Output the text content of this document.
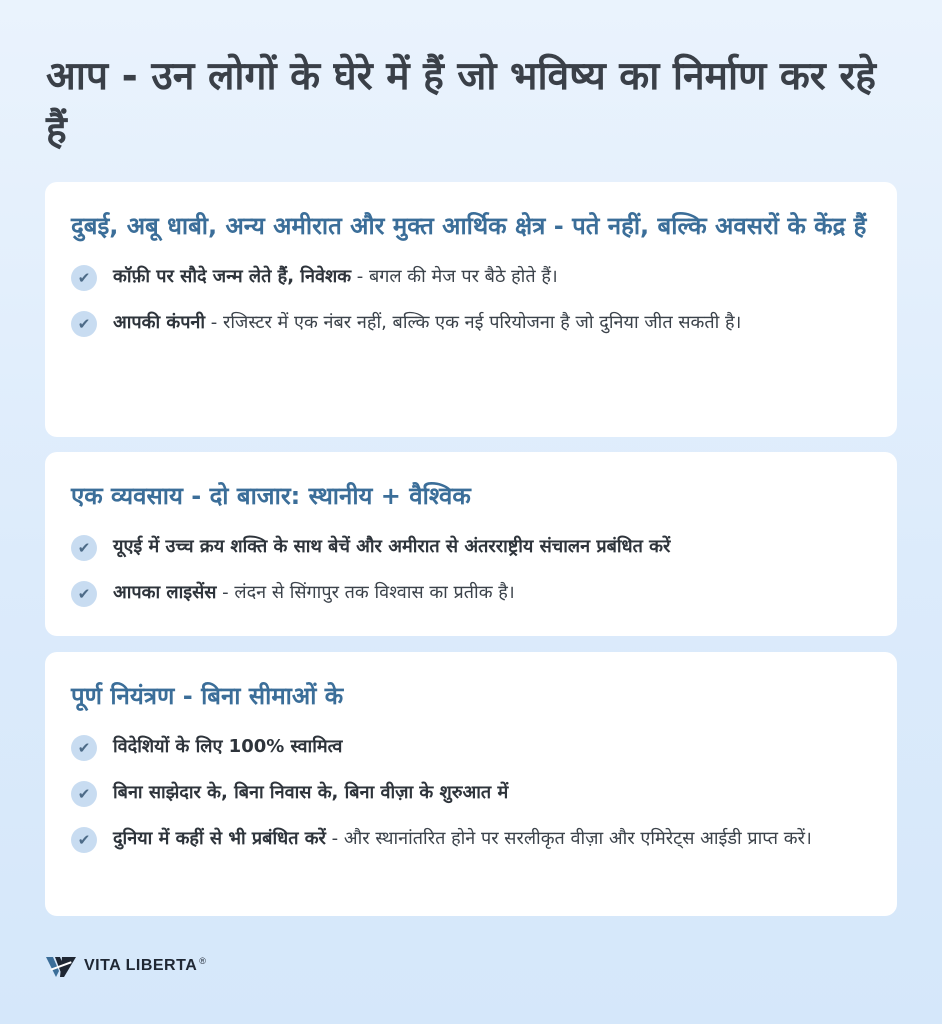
आप - उन लोगों के घेरे में हैं जो भविष्य का निर्माण कर रहे हैं
दुबई, अबू धाबी, अन्य अमीरात और मुक्त आर्थिक क्षेत्र - पते नहीं, बल्कि अवसरों के केंद्र हैं
✔	कॉफ़ी पर सौदे जन्म लेते हैं, निवेशक - बगल की मेज पर बैठे होते हैं।
✔	आपकी कंपनी - रजिस्टर में एक नंबर नहीं, बल्कि एक नई परियोजना है जो दुनिया जीत सकती है।
एक व्यवसाय - दो बाजार: स्थानीय + वैश्विक
✔	यूएई में उच्च क्रय शक्ति के साथ बेचें और अमीरात से अंतरराष्ट्रीय संचालन प्रबंधित करें
✔	आपका लाइसेंस - लंदन से सिंगापुर तक विश्वास का प्रतीक है।
पूर्ण नियंत्रण - बिना सीमाओं के
✔	विदेशियों के लिए 100% स्वामित्व
✔	बिना साझेदार के, बिना निवास के, बिना वीज़ा के शुरुआत में
✔	दुनिया में कहीं से भी प्रबंधित करें - और स्थानांतरित होने पर सरलीकृत वीज़ा और एमिरेट्स आईडी प्राप्त करें।
VITA LIBERTA ®
